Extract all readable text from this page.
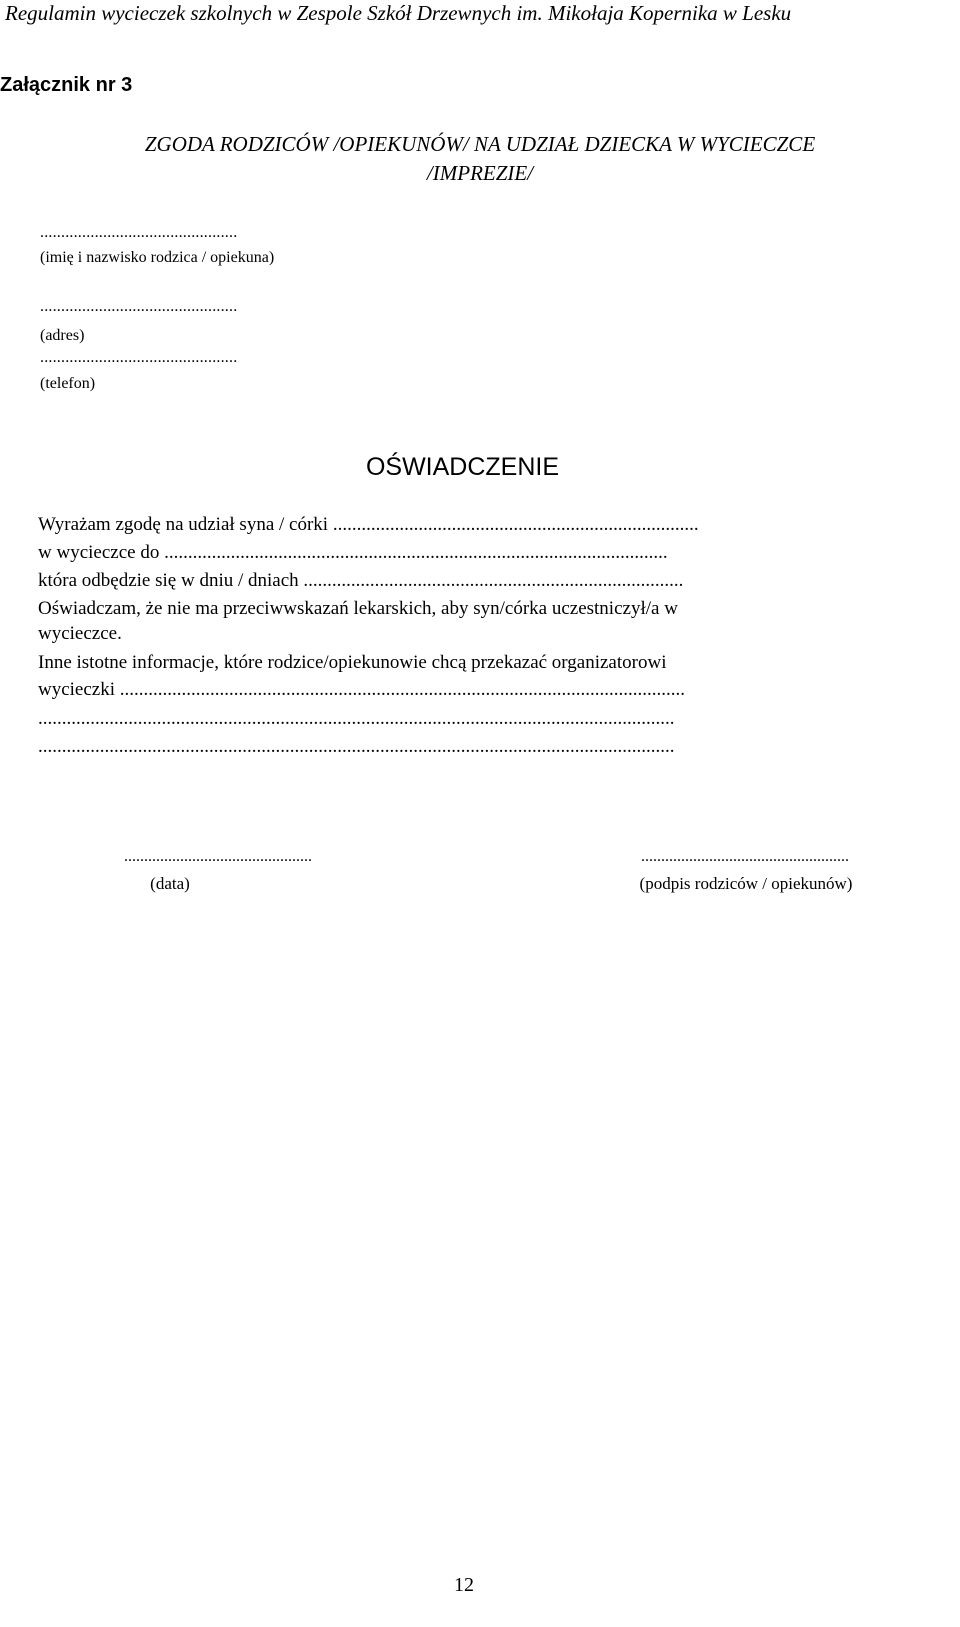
Regulamin wycieczek szkolnych w Zespole Szkół Drzewnych im. Mikołaja Kopernika w Lesku

Załącznik nr 3

ZGODA RODZICÓW /OPIEKUNÓW/ NA UDZIAŁ DZIECKA W WYCIECZCE

/IMPREZIE/

...............................................

(imię i nazwisko rodzica / opiekuna)

...............................................

(adres)

...............................................

(telefon)

OŚWIADCZENIE

Wyrażam zgodę na udział syna / córki .............................................................................

w wycieczce do ..........................................................................................................

która odbędzie się w dniu / dniach ................................................................................

Oświadczam, że nie ma przeciwwskazań lekarskich, aby syn/córka uczestniczył/a w

wycieczce.

Inne istotne informacje, które rodzice/opiekunowie chcą przekazać organizatorowi

wycieczki .......................................................................................................................

......................................................................................................................................

......................................................................................................................................

...............................................	....................................................

(data)	(podpis rodziców / opiekunów)

12
